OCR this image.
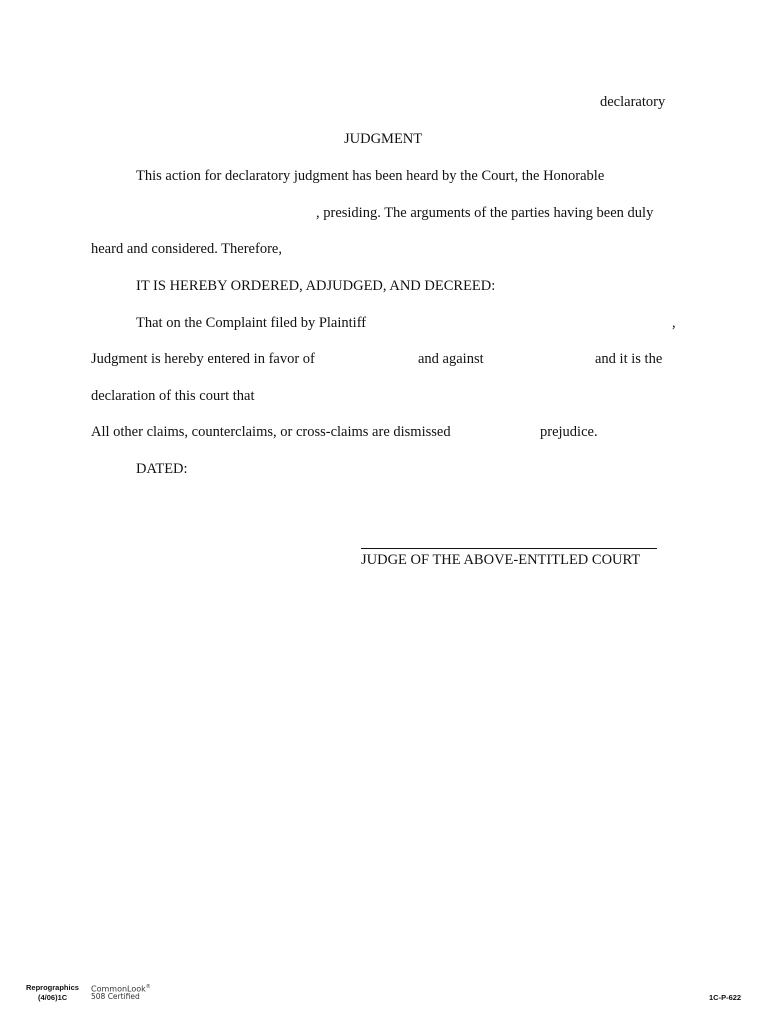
declaratory
JUDGMENT
This action for declaratory judgment has been heard by the Court, the Honorable
, presiding. The arguments of the parties having been duly
heard and considered. Therefore,
IT IS HEREBY ORDERED, ADJUDGED, AND DECREED:
That on the Complaint filed by Plaintiff	,
Judgment is hereby entered in favor of	and against	and it is the
declaration of this court that
All other claims, counterclaims, or cross-claims are dismissed	prejudice.
DATED:
JUDGE OF THE ABOVE-ENTITLED COURT
Reprographics
(4/06)1C
CommonLook®
508 Certified	1C-P-622
